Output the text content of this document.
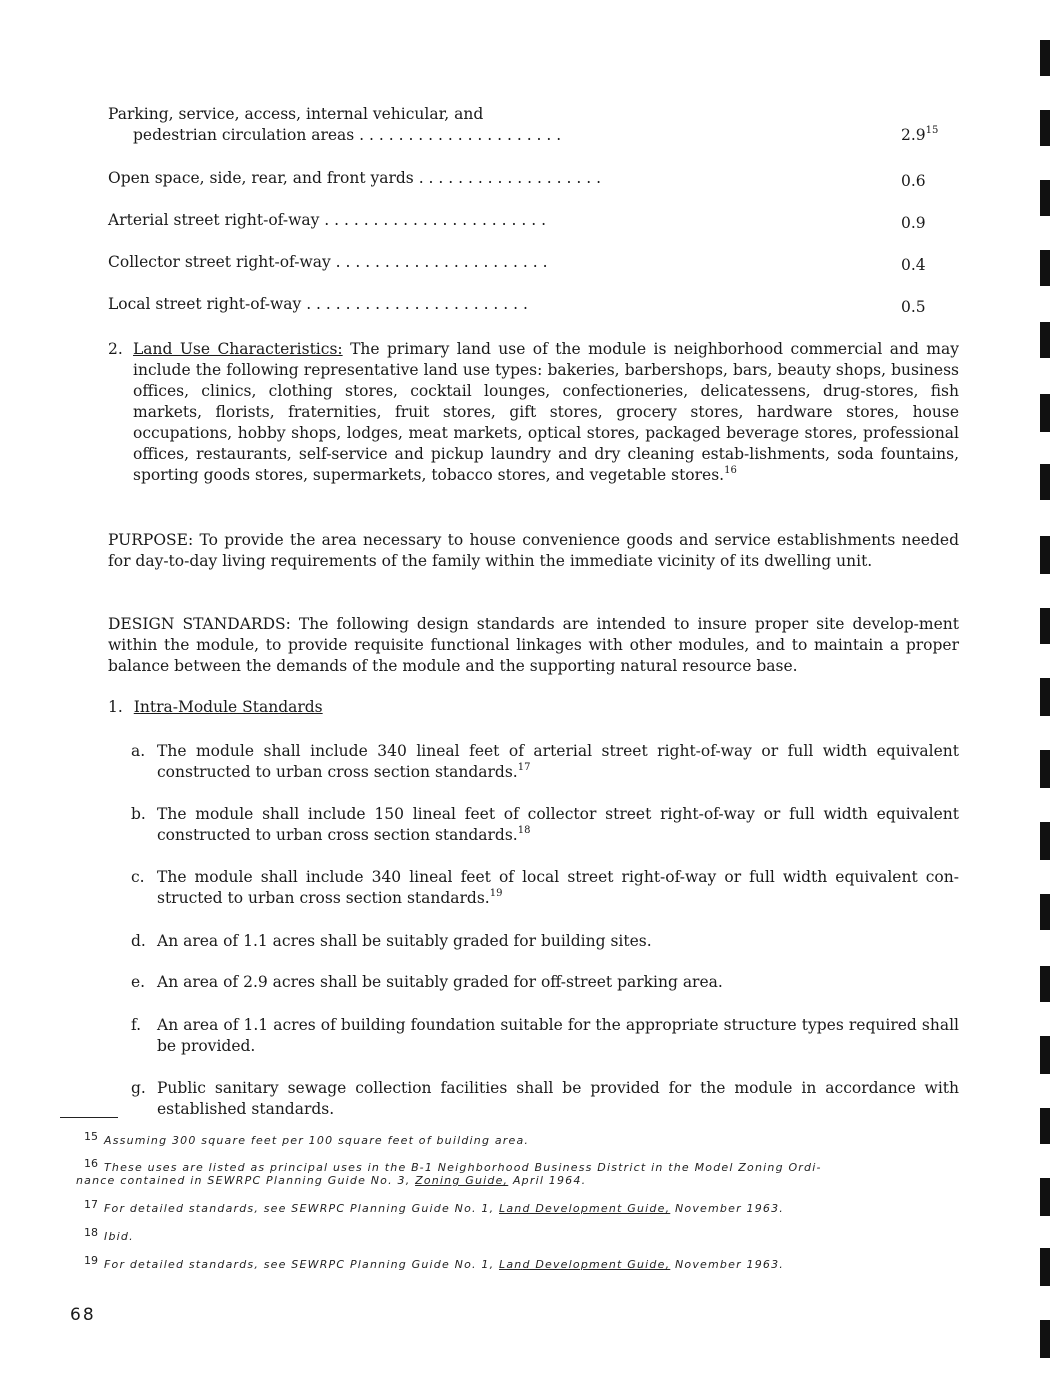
Parking, service, access, internal vehicular, and
pedestrian circulation areas . . . . . . . . . . . . . . . . . . . . .	$2.9^{15}$
Open space, side, rear, and front yards . . . . . . . . . . . . . . . . . . .	0.6
Arterial street right-of-way . . . . . . . . . . . . . . . . . . . . . . .	0.9
Collector street right-of-way . . . . . . . . . . . . . . . . . . . . . .	0.4
Local street right-of-way . . . . . . . . . . . . . . . . . . . . . . .	0.5
2. Land Use Characteristics: The primary land use of the module is neighborhood commercial and may include the following representative land use types: bakeries, barbershops, bars, beauty shops, business offices, clinics, clothing stores, cocktail lounges, confectioneries, delicatessens, drug-stores, fish markets, florists, fraternities, fruit stores, gift stores, grocery stores, hardware stores, house occupations, hobby shops, lodges, meat markets, optical stores, packaged beverage stores, professional offices, restaurants, self-service and pickup laundry and dry cleaning estab-lishments, soda fountains, sporting goods stores, supermarkets, tobacco stores, and vegetable stores.$^{16}$
PURPOSE: To provide the area necessary to house convenience goods and service establishments needed for day-to-day living requirements of the family within the immediate vicinity of its dwelling unit.
DESIGN STANDARDS: The following design standards are intended to insure proper site develop-ment within the module, to provide requisite functional linkages with other modules, and to maintain a proper balance between the demands of the module and the supporting natural resource base.
1. Intra-Module Standards
a. The module shall include 340 lineal feet of arterial street right-of-way or full width equivalent constructed to urban cross section standards.$^{17}$
b. The module shall include 150 lineal feet of collector street right-of-way or full width equivalent constructed to urban cross section standards.$^{18}$
c. The module shall include 340 lineal feet of local street right-of-way or full width equivalent con-structed to urban cross section standards.$^{19}$
d. An area of 1.1 acres shall be suitably graded for building sites.
e. An area of 2.9 acres shall be suitably graded for off-street parking area.
f. An area of 1.1 acres of building foundation suitable for the appropriate structure types required shall be provided.
g. Public sanitary sewage collection facilities shall be provided for the module in accordance with established standards.
15 Assuming 300 square feet per 100 square feet of building area.
16 These uses are listed as principal uses in the B-1 Neighborhood Business District in the Model Zoning Ordi-
nance contained in SEWRPC Planning Guide No. 3, Zoning Guide, April 1964.
17 For detailed standards, see SEWRPC Planning Guide No. 1, Land Development Guide, November 1963.
18 Ibid.
19 For detailed standards, see SEWRPC Planning Guide No. 1, Land Development Guide, November 1963.
68
